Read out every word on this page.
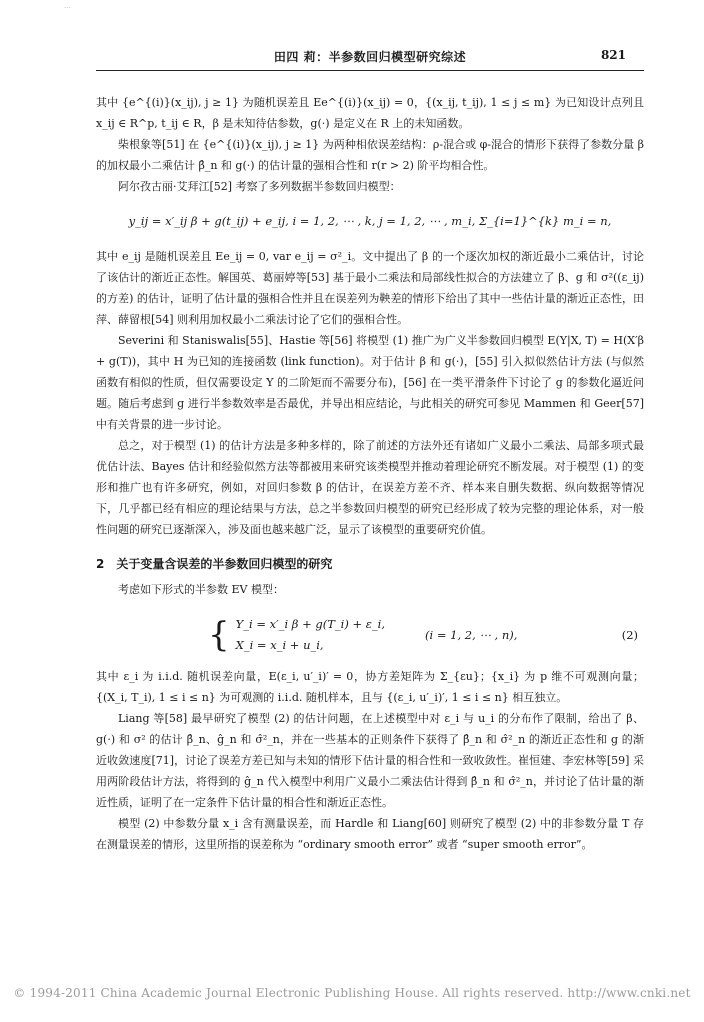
…
田四 莉：半参数回归模型研究综述	821

其中 {e^{(i)}(x_ij), j ≥ 1} 为随机误差且 Ee^{(i)}(x_ij) = 0，{(x_ij, t_ij), 1 ≤ j ≤ m} 为已知设计点列且 x_ij ∈ R^p, t_ij ∈ R，β 是未知待估参数，g(·) 是定义在 R 上的未知函数。

柴根象等[51] 在 {e^{(i)}(x_ij), j ≥ 1} 为两种相依误差结构：ρ-混合或 φ-混合的情形下获得了参数分量 β 的加权最小二乘估计 β̂_n 和 g(·) 的估计量的强相合性和 r(r > 2) 阶平均相合性。

阿尔孜古丽·艾拜江[52] 考察了多列数据半参数回归模型：

y_ij = x′_ij β + g(t_ij) + e_ij, i = 1, 2, ⋯ , k, j = 1, 2, ⋯ , m_i, Σ_{i=1}^{k} m_i = n,

其中 e_ij 是随机误差且 Ee_ij = 0, var e_ij = σ²_i。文中提出了 β 的一个逐次加权的渐近最小二乘估计，讨论了该估计的渐近正态性。解国英、葛丽婷等[53] 基于最小二乘法和局部线性拟合的方法建立了 β、g 和 σ²((ε_ij) 的方差) 的估计，证明了估计量的强相合性并且在误差列为鞅差的情形下给出了其中一些估计量的渐近正态性，田萍、薛留根[54] 则利用加权最小二乘法讨论了它们的强相合性。

Severini 和 Staniswalis[55]、Hastie 等[56] 将模型 (1) 推广为广义半参数回归模型 E(Y|X, T) = H(X′β + g(T))，其中 H 为已知的连接函数 (link function)。对于估计 β 和 g(·)，[55] 引入拟似然估计方法 (与似然函数有相似的性质，但仅需要设定 Y 的二阶矩而不需要分布)，[56] 在一类平滑条件下讨论了 g 的参数化逼近问题。随后考虑到 g 进行半参数效率是否最优，并导出相应结论，与此相关的研究可参见 Mammen 和 Geer[57] 中有关背景的进一步讨论。

总之，对于模型 (1) 的估计方法是多种多样的，除了前述的方法外还有诸如广义最小二乘法、局部多项式最优估计法、Bayes 估计和经验似然方法等都被用来研究该类模型并推动着理论研究不断发展。对于模型 (1) 的变形和推广也有许多研究，例如，对回归参数 β 的估计，在误差方差不齐、样本来自删失数据、纵向数据等情况下，几乎都已经有相应的理论结果与方法，总之半参数回归模型的研究已经形成了较为完整的理论体系，对一般性问题的研究已逐渐深入，涉及面也越来越广泛，显示了该模型的重要研究价值。

2　关于变量含误差的半参数回归模型的研究

考虑如下形式的半参数 EV 模型：

{ Y_i = x′_i β + g(T_i) + ε_i,
X_i = x_i + u_i,
(i = 1, 2, ⋯ , n),	(2)

其中 ε_i 为 i.i.d. 随机误差向量，E(ε_i, u′_i)′ = 0，协方差矩阵为 Σ_{εu}；{x_i} 为 p 维不可观测向量；{(X_i, T_i), 1 ≤ i ≤ n} 为可观测的 i.i.d. 随机样本，且与 {(ε_i, u′_i)′, 1 ≤ i ≤ n} 相互独立。

Liang 等[58] 最早研究了模型 (2) 的估计问题，在上述模型中对 ε_i 与 u_i 的分布作了限制，给出了 β、g(·) 和 σ² 的估计 β̂_n、ĝ_n 和 σ̂²_n，并在一些基本的正则条件下获得了 β̂_n 和 σ̂²_n 的渐近正态性和 g 的渐近收敛速度[71]，讨论了误差方差已知与未知的情形下估计量的相合性和一致收敛性。崔恒建、李宏林等[59] 采用两阶段估计方法，将得到的 ĝ_n 代入模型中利用广义最小二乘法估计得到 β̂_n 和 σ̂²_n，并讨论了估计量的渐近性质，证明了在一定条件下估计量的相合性和渐近正态性。

模型 (2) 中参数分量 x_i 含有测量误差，而 Hardle 和 Liang[60] 则研究了模型 (2) 中的非参数分量 T 存在测量误差的情形，这里所指的误差称为 “ordinary smooth error” 或者 “super smooth error”。

© 1994-2011 China Academic Journal Electronic Publishing House. All rights reserved. http://www.cnki.net
